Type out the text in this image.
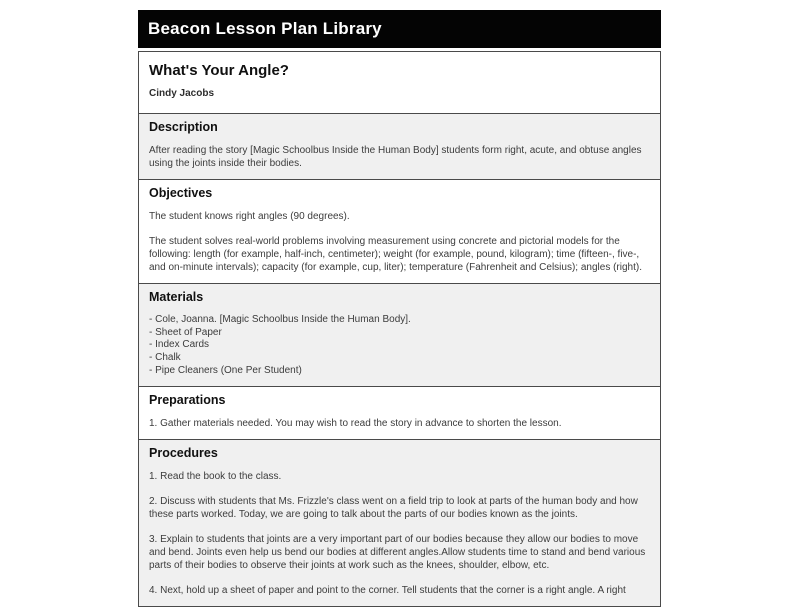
Beacon Lesson Plan Library
What's Your Angle?
Cindy Jacobs
Description

After reading the story [Magic Schoolbus Inside the Human Body] students form right, acute, and obtuse angles using the joints inside their bodies.

Objectives

The student knows right angles (90 degrees).

The student solves real-world problems involving measurement using concrete and pictorial models for the following: length (for example, half-inch, centimeter); weight (for example, pound, kilogram); time (fifteen-, five-, and on-minute intervals); capacity (for example, cup, liter); temperature (Fahrenheit and Celsius); angles (right).

Materials

- Cole, Joanna. [Magic Schoolbus Inside the Human Body].

- Sheet of Paper

- Index Cards

- Chalk

- Pipe Cleaners (One Per Student)

Preparations

1. Gather materials needed. You may wish to read the story in advance to shorten the lesson.

Procedures

1. Read the book to the class.

2. Discuss with students that Ms. Frizzle's class went on a field trip to look at parts of the human body and how these parts worked. Today, we are going to talk about the parts of our bodies known as the joints.

3. Explain to students that joints are a very important part of our bodies because they allow our bodies to move and bend. Joints even help us bend our bodies at different angles.Allow students time to stand and bend various parts of their bodies to observe their joints at work such as the knees, shoulder, elbow, etc.

4. Next, hold up a sheet of paper and point to the corner. Tell students that the corner is a right angle. A right
